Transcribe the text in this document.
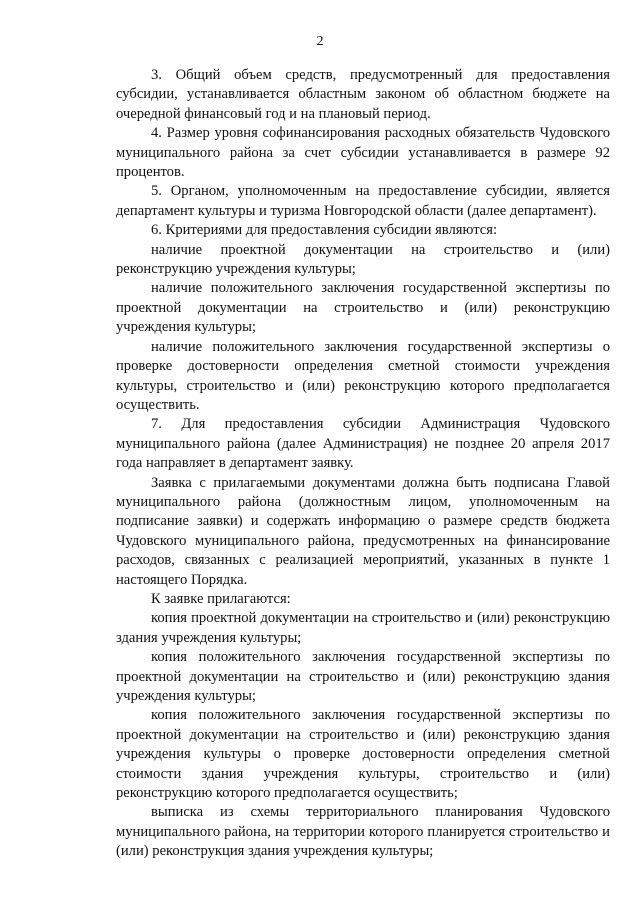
2

3. Общий объем средств, предусмотренный для предоставления субсидии, устанавливается областным законом об областном бюджете на очередной финансовый год и на плановый период.

4. Размер уровня софинансирования расходных обязательств Чудовского муниципального района за счет субсидии устанавливается в размере 92 процентов.

5. Органом, уполномоченным на предоставление субсидии, является департамент культуры и туризма Новгородской области (далее департамент).

6. Критериями для предоставления субсидии являются:

наличие проектной документации на строительство и (или) реконструкцию учреждения культуры;

наличие положительного заключения государственной экспертизы по проектной документации на строительство и (или) реконструкцию учреждения культуры;

наличие положительного заключения государственной экспертизы о проверке достоверности определения сметной стоимости учреждения культуры, строительство и (или) реконструкцию которого предполагается осуществить.

7. Для предоставления субсидии Администрация Чудовского муниципального района (далее Администрация) не позднее 20 апреля 2017 года направляет в департамент заявку.

Заявка с прилагаемыми документами должна быть подписана Главой муниципального района (должностным лицом, уполномоченным на подписание заявки) и содержать информацию о размере средств бюджета Чудовского муниципального района, предусмотренных на финансирование расходов, связанных с реализацией мероприятий, указанных в пункте 1 настоящего Порядка.

К заявке прилагаются:

копия проектной документации на строительство и (или) реконструкцию здания учреждения культуры;

копия положительного заключения государственной экспертизы по проектной документации на строительство и (или) реконструкцию здания учреждения культуры;

копия положительного заключения государственной экспертизы по проектной документации на строительство и (или) реконструкцию здания учреждения культуры о проверке достоверности определения сметной стоимости здания учреждения культуры, строительство и (или) реконструкцию которого предполагается осуществить;

выписка из схемы территориального планирования Чудовского муниципального района, на территории которого планируется строительство и (или) реконструкция здания учреждения культуры;
